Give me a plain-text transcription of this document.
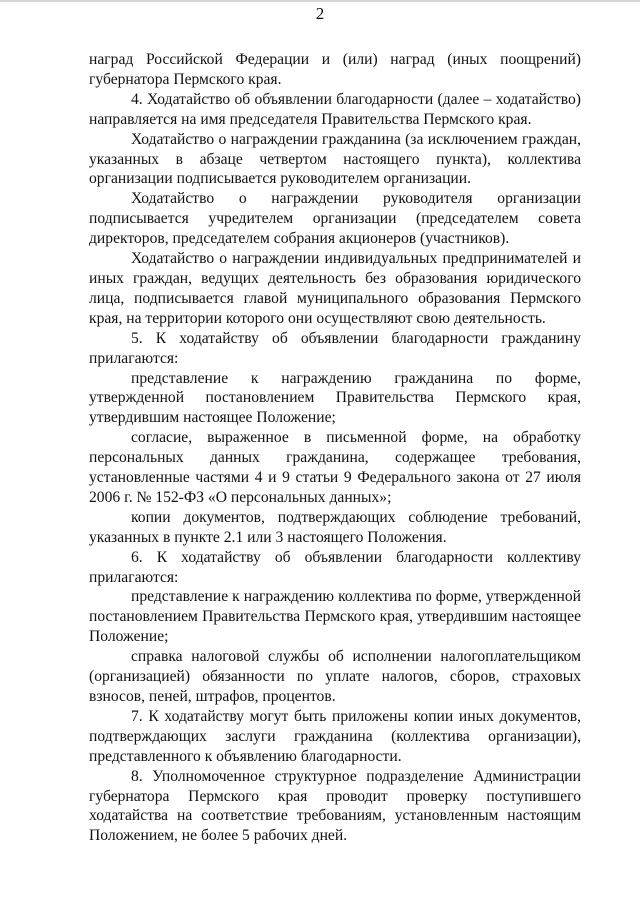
2

наград Российской Федерации и (или) наград (иных поощрений) губернатора Пермского края.

4. Ходатайство об объявлении благодарности (далее – ходатайство) направляется на имя председателя Правительства Пермского края.

Ходатайство о награждении гражданина (за исключением граждан, указанных в абзаце четвертом настоящего пункта), коллектива организации подписывается руководителем организации.

Ходатайство о награждении руководителя организации подписывается учредителем организации (председателем совета директоров, председателем собрания акционеров (участников).

Ходатайство о награждении индивидуальных предпринимателей и иных граждан, ведущих деятельность без образования юридического лица, подписывается главой муниципального образования Пермского края, на территории которого они осуществляют свою деятельность.

5. К ходатайству об объявлении благодарности гражданину прилагаются:

представление к награждению гражданина по форме, утвержденной постановлением Правительства Пермского края, утвердившим настоящее Положение;

согласие, выраженное в письменной форме, на обработку персональных данных гражданина, содержащее требования, установленные частями 4 и 9 статьи 9 Федерального закона от 27 июля 2006 г. № 152-ФЗ «О персональных данных»;

копии документов, подтверждающих соблюдение требований, указанных в пункте 2.1 или 3 настоящего Положения.

6. К ходатайству об объявлении благодарности коллективу прилагаются:

представление к награждению коллектива по форме, утвержденной постановлением Правительства Пермского края, утвердившим настоящее Положение;

справка налоговой службы об исполнении налогоплательщиком (организацией) обязанности по уплате налогов, сборов, страховых взносов, пеней, штрафов, процентов.

7. К ходатайству могут быть приложены копии иных документов, подтверждающих заслуги гражданина (коллектива организации), представленного к объявлению благодарности.

8. Уполномоченное структурное подразделение Администрации губернатора Пермского края проводит проверку поступившего ходатайства на соответствие требованиям, установленным настоящим Положением, не более 5 рабочих дней.
